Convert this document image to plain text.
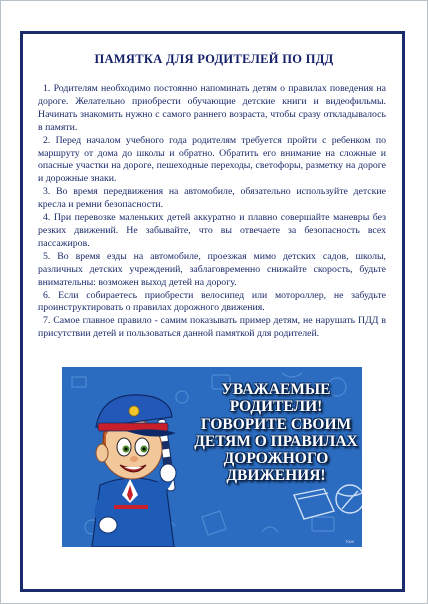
ПАМЯТКА ДЛЯ РОДИТЕЛЕЙ ПО ПДД

1. Родителям необходимо постоянно напоминать детям о правилах поведения на дороге. Желательно приобрести обучающие детские книги и видеофильмы. Начинать знакомить нужно с самого раннего возраста, чтобы сразу откладывалось в памяти.

2. Перед началом учебного года родителям требуется пройти с ребенком по маршруту от дома до школы и обратно. Обратить его внимание на сложные и опасные участки на дороге, пешеходные переходы, светофоры, разметку на дороге и дорожные знаки.

3. Во время передвижения на автомобиле, обязательно используйте детские кресла и ремни безопасности.

4. При перевозке маленьких детей аккуратно и плавно совершайте маневры без резких движений. Не забывайте, что вы отвечаете за безопасность всех пассажиров.

5. Во время езды на автомобиле, проезжая мимо детских садов, школы, различных детских учреждений, заблаговременно снижайте скорость, будьте внимательны: возможен выход детей на дорогу.

6. Если собираетесь приобрести велосипед или мотороллер, не забудьте проинструктировать о правилах дорожного движения.

7. Самое главное правило - самим показывать пример детям, не нарушать ПДД в присутствии детей и пользоваться данной памяткой для родителей.

УВАЖАЕМЫЕ
РОДИТЕЛИ!
ГОВОРИТЕ СВОИМ
ДЕТЯМ О ПРАВИЛАХ
ДОРОЖНОГО
ДВИЖЕНИЯ!
7000
